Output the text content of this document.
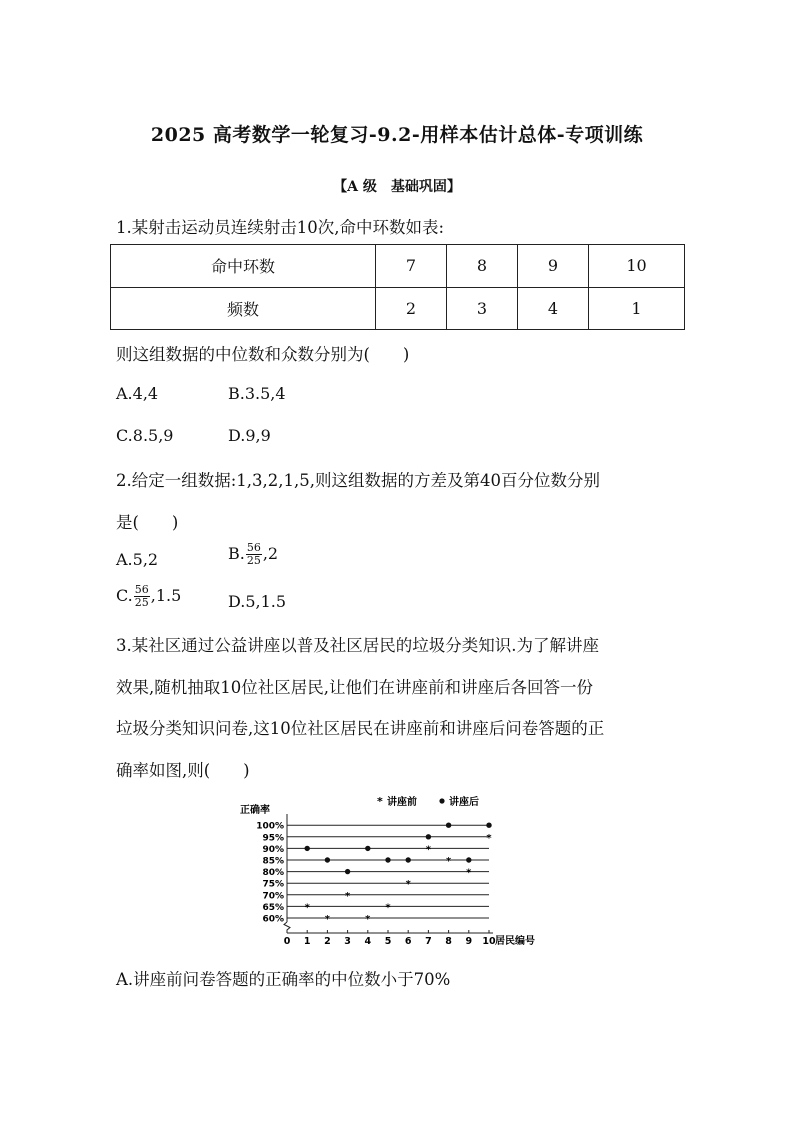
2025 高考数学一轮复习-9.2-用样本估计总体-专项训练
【A 级　基础巩固】
1.某射击运动员连续射击10次,命中环数如表:
命中环数	7	8	9	10
频数	2	3	4	1
则这组数据的中位数和众数分别为(　　)
A.4,4	B.3.5,4
C.8.5,9	D.9,9
2.给定一组数据:1,3,2,1,5,则这组数据的方差及第40百分位数分别
是(　　)
A.5,2	B. $\frac{56}{25} ,2$
C. $\frac{56}{25} ,1.5$	D.5,1.5
3.某社区通过公益讲座以普及社区居民的垃圾分类知识.为了解讲座
效果,随机抽取10位社区居民,让他们在讲座前和讲座后各回答一份
垃圾分类知识问卷,这10位社区居民在讲座前和讲座后问卷答题的正
确率如图,则(　　)
正确率
* 讲座前	讲座后
60%
65%
70%
75%
80%
85%
90%
95%
100%
0 1 2 3 4 5 6 7 8 9 10 居民编号
*
*
*
*
*
*
*
*
*
*
A.讲座前问卷答题的正确率的中位数小于70%
